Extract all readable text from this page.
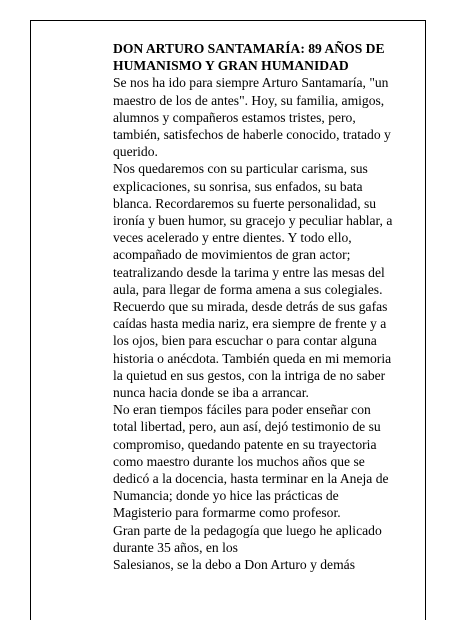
DON ARTURO SANTAMARÍA: 89 AÑOS DE HUMANISMO Y GRAN HUMANIDAD

Se nos ha ido para siempre Arturo Santamaría, "un maestro de los de antes". Hoy, su familia, amigos, alumnos y compañeros estamos tristes, pero, también, satisfechos de haberle conocido, tratado y querido.

Nos quedaremos con su particular carisma, sus explicaciones, su sonrisa, sus enfados, su bata blanca. Recordaremos su fuerte personalidad, su ironía y buen humor, su gracejo y peculiar hablar, a veces acelerado y entre dientes. Y todo ello, acompañado de movimientos de gran actor; teatralizando desde la tarima y entre las mesas del aula, para llegar de forma amena a sus colegiales.

Recuerdo que su mirada, desde detrás de sus gafas caídas hasta media nariz, era siempre de frente y a los ojos, bien para escuchar o para contar alguna historia o anécdota. También queda en mi memoria la quietud en sus gestos, con la intriga de no saber nunca hacia donde se iba a arrancar.

No eran tiempos fáciles para poder enseñar con total libertad, pero, aun así, dejó testimonio de su compromiso, quedando patente en su trayectoria como maestro durante los muchos años que se dedicó a la docencia, hasta terminar en la Aneja de Numancia; donde yo hice las prácticas de Magisterio para formarme como profesor.

Gran parte de la pedagogía que luego he aplicado durante 35 años, en los

Salesianos, se la debo a Don Arturo y demás
